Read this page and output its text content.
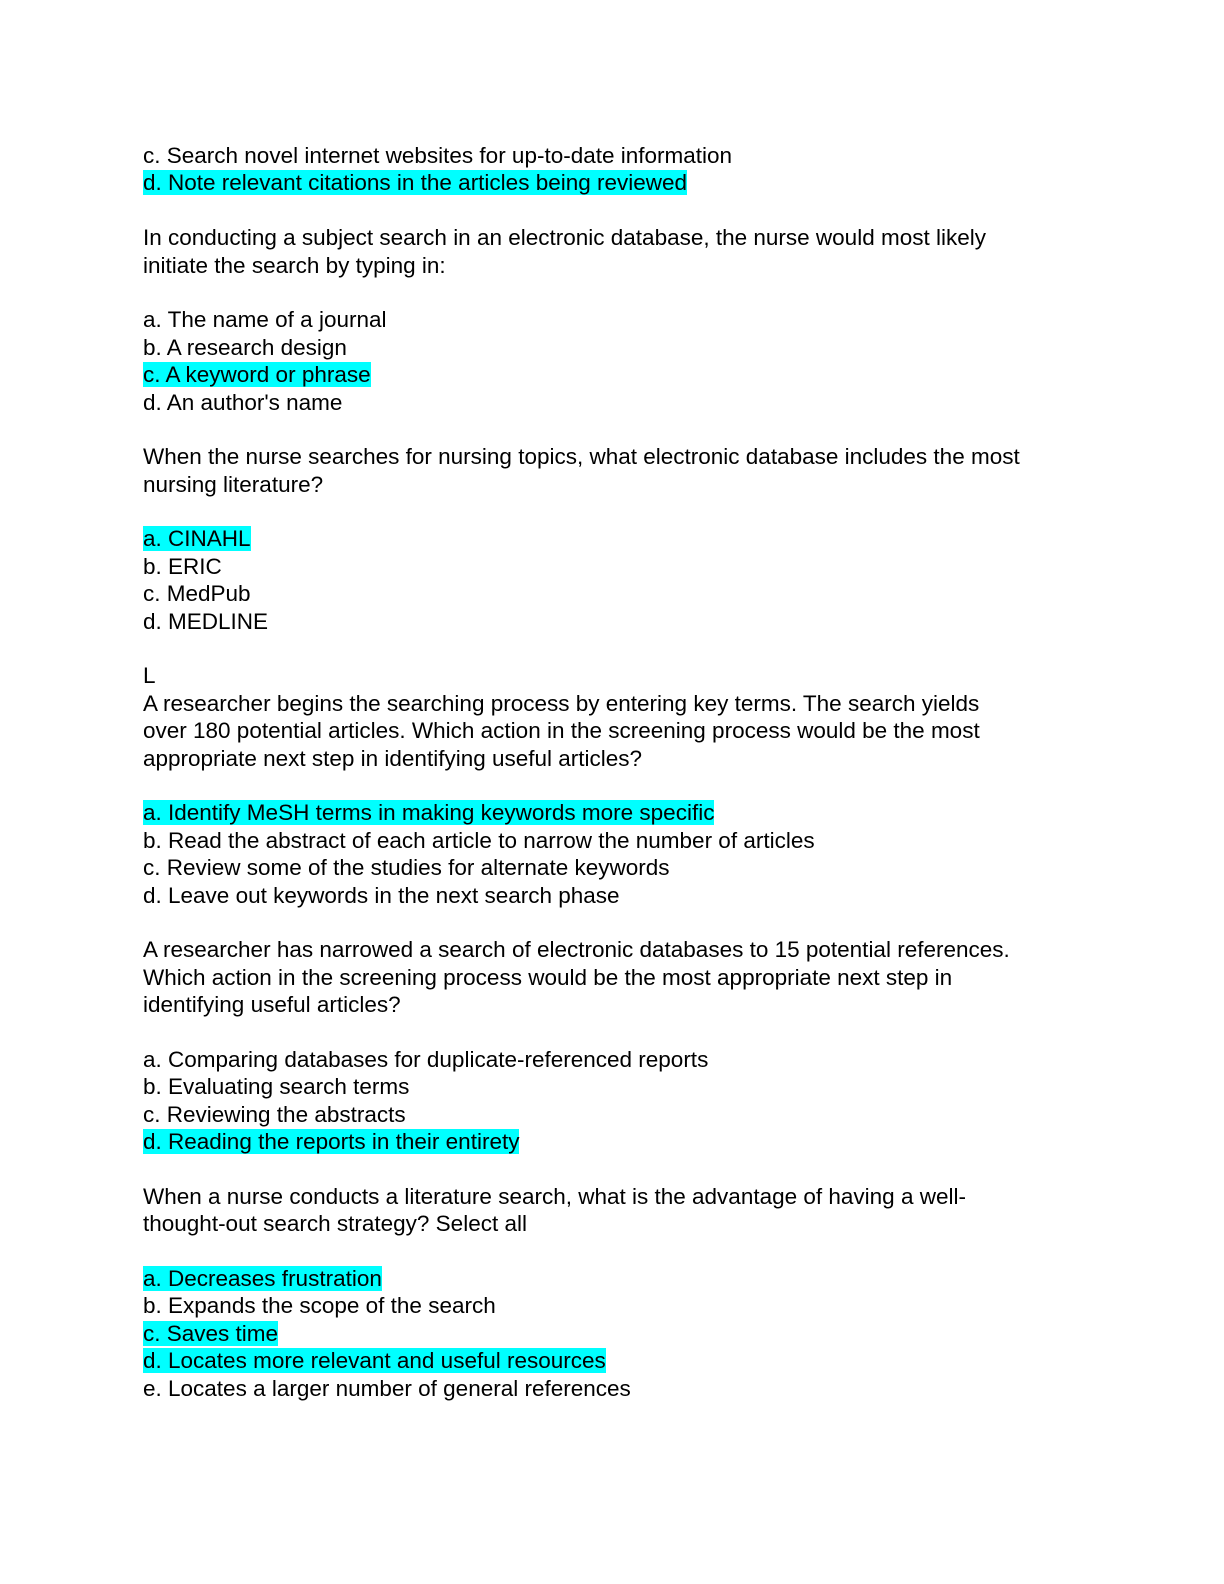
c. Search novel internet websites for up-to-date information
d. Note relevant citations in the articles being reviewed
In conducting a subject search in an electronic database, the nurse would most likely
initiate the search by typing in:
a. The name of a journal
b. A research design
c. A keyword or phrase
d. An author's name
When the nurse searches for nursing topics, what electronic database includes the most
nursing literature?
a. CINAHL
b. ERIC
c. MedPub
d. MEDLINE
L
A researcher begins the searching process by entering key terms. The search yields
over 180 potential articles. Which action in the screening process would be the most
appropriate next step in identifying useful articles?
a. Identify MeSH terms in making keywords more specific
b. Read the abstract of each article to narrow the number of articles
c. Review some of the studies for alternate keywords
d. Leave out keywords in the next search phase
A researcher has narrowed a search of electronic databases to 15 potential references.
Which action in the screening process would be the most appropriate next step in
identifying useful articles?
a. Comparing databases for duplicate-referenced reports
b. Evaluating search terms
c. Reviewing the abstracts
d. Reading the reports in their entirety
When a nurse conducts a literature search, what is the advantage of having a well-
thought-out search strategy? Select all
a. Decreases frustration
b. Expands the scope of the search
c. Saves time
d. Locates more relevant and useful resources
e. Locates a larger number of general references
